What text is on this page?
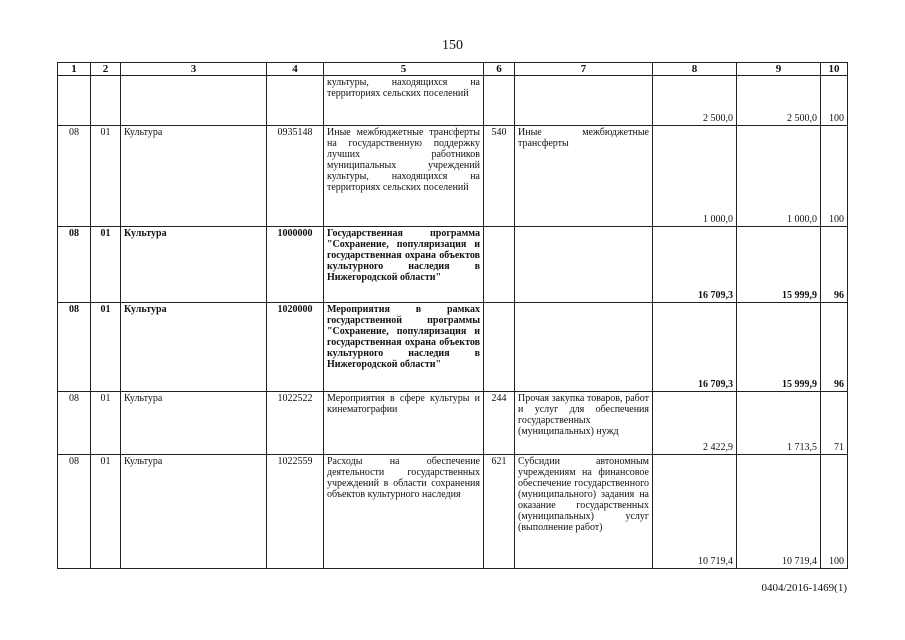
150
1	2	3	4	5	6	7	8	9	10
				культуры, находящихся на территориях сельских поселений			2 500,0	2 500,0	100
08	01	Культура	0935148	Иные межбюджетные трансферты на государственную поддержку лучших работников муниципальных учреждений культуры, находящихся на территориях сельских поселений	540	Иные межбюджетные трансферты	1 000,0	1 000,0	100
08	01	Культура	1000000	Государственная программа "Сохранение, популяризация и государственная охрана объектов культурного наследия в Нижегородской области"			16 709,3	15 999,9	96
08	01	Культура	1020000	Мероприятия в рамках государственной программы "Сохранение, популяризация и государственная охрана объектов культурного наследия в Нижегородской области"			16 709,3	15 999,9	96
08	01	Культура	1022522	Мероприятия в сфере культуры и кинематографии	244	Прочая закупка товаров, работ и услуг для обеспечения государственных (муниципальных) нужд	2 422,9	1 713,5	71
08	01	Культура	1022559	Расходы на обеспечение деятельности государственных учреждений в области сохранения объектов культурного наследия	621	Субсидии автономным учреждениям на финансовое обеспечение государственного (муниципального) задания на оказание государственных (муниципальных) услуг (выполнение работ)	10 719,4	10 719,4	100
0404/2016-1469(1)
